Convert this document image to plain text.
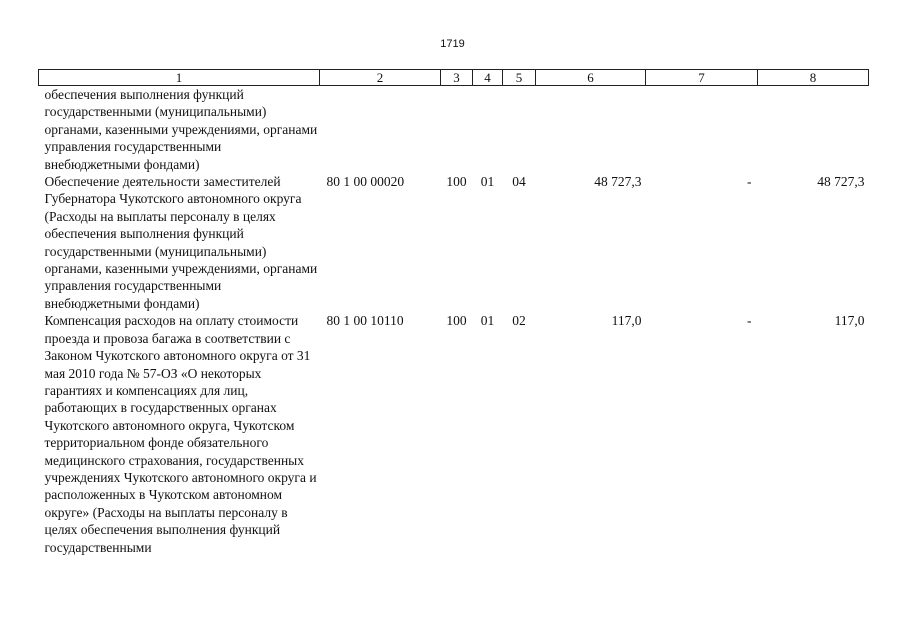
1719
1	2	3	4	5	6	7	8
обеспечения выполнения функций государственными (муниципальными) органами, казенными учреждениями, органами управления государственными внебюджетными фондами)							
Обеспечение деятельности заместителей Губернатора Чукотского автономного округа (Расходы на выплаты персоналу в целях обеспечения выполнения функций государственными (муниципальными) органами, казенными учреждениями, органами управления государственными внебюджетными фондами)	80 1 00 00020	100	01	04	48 727,3	-	48 727,3
Компенсация расходов на оплату стоимости проезда и провоза багажа в соответствии с Законом Чукотского автономного округа от 31 мая 2010 года № 57-ОЗ «О некоторых гарантиях и компенсациях для лиц, работающих в государственных органах Чукотского автономного округа, Чукотском территориальном фонде обязательного медицинского страхования, государственных учреждениях Чукотского автономного округа и расположенных в Чукотском автономном округе» (Расходы на выплаты персоналу в целях обеспечения выполнения функций государственными	80 1 00 10110	100	01	02	117,0	-	117,0
